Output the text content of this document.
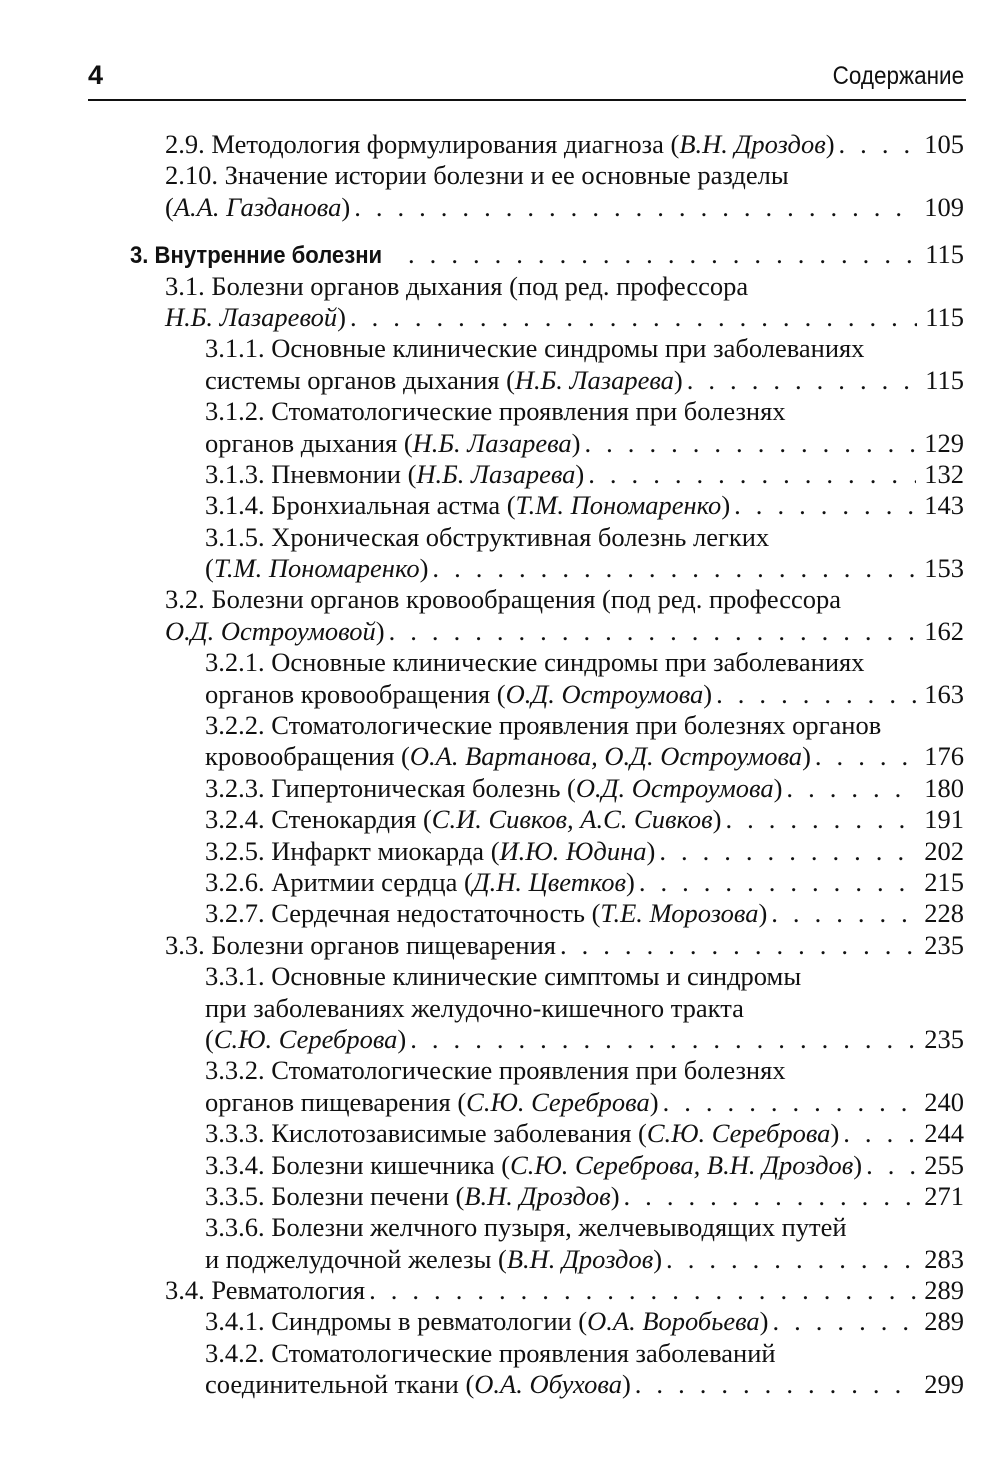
4	Содержание
2.9. Методология формулирования диагноза (В.Н. Дроздов) . . .	105
2.10. Значение истории болезни и ее основные разделы
(А.А. Газданова) . . .	109
3. Внутренние болезни . . .	115
3.1. Болезни органов дыхания (под ред. профессора
Н.Б. Лазаревой) . . .	115
3.1.1. Основные клинические синдромы при заболеваниях
системы органов дыхания (Н.Б. Лазарева) . . .	115
3.1.2. Стоматологические проявления при болезнях
органов дыхания (Н.Б. Лазарева) . . .	129
3.1.3. Пневмонии (Н.Б. Лазарева) . . .	132
3.1.4. Бронхиальная астма (Т.М. Пономаренко) . . .	143
3.1.5. Хроническая обструктивная болезнь легких
(Т.М. Пономаренко) . . .	153
3.2. Болезни органов кровообращения (под ред. профессора
О.Д. Остроумовой) . . .	162
3.2.1. Основные клинические синдромы при заболеваниях
органов кровообращения (О.Д. Остроумова) . . .	163
3.2.2. Стоматологические проявления при болезнях органов
кровообращения (О.А. Вартанова, О.Д. Остроумова) . . .	176
3.2.3. Гипертоническая болезнь (О.Д. Остроумова) . . .	180
3.2.4. Стенокардия (С.И. Сивков, А.С. Сивков) . . .	191
3.2.5. Инфаркт миокарда (И.Ю. Юдина) . . .	202
3.2.6. Аритмии сердца (Д.Н. Цветков) . . .	215
3.2.7. Сердечная недостаточность (Т.Е. Морозова) . . .	228
3.3. Болезни органов пищеварения . . .	235
3.3.1. Основные клинические симптомы и синдромы
при заболеваниях желудочно-кишечного тракта
(С.Ю. Сереброва) . . .	235
3.3.2. Стоматологические проявления при болезнях
органов пищеварения (С.Ю. Сереброва) . . .	240
3.3.3. Кислотозависимые заболевания (С.Ю. Сереброва) . . .	244
3.3.4. Болезни кишечника (С.Ю. Сереброва, В.Н. Дроздов) . . .	255
3.3.5. Болезни печени (В.Н. Дроздов) . . .	271
3.3.6. Болезни желчного пузыря, желчевыводящих путей
и поджелудочной железы (В.Н. Дроздов) . . .	283
3.4. Ревматология . . .	289
3.4.1. Синдромы в ревматологии (О.А. Воробьева) . . .	289
3.4.2. Стоматологические проявления заболеваний
соединительной ткани (О.А. Обухова) . . .	299
